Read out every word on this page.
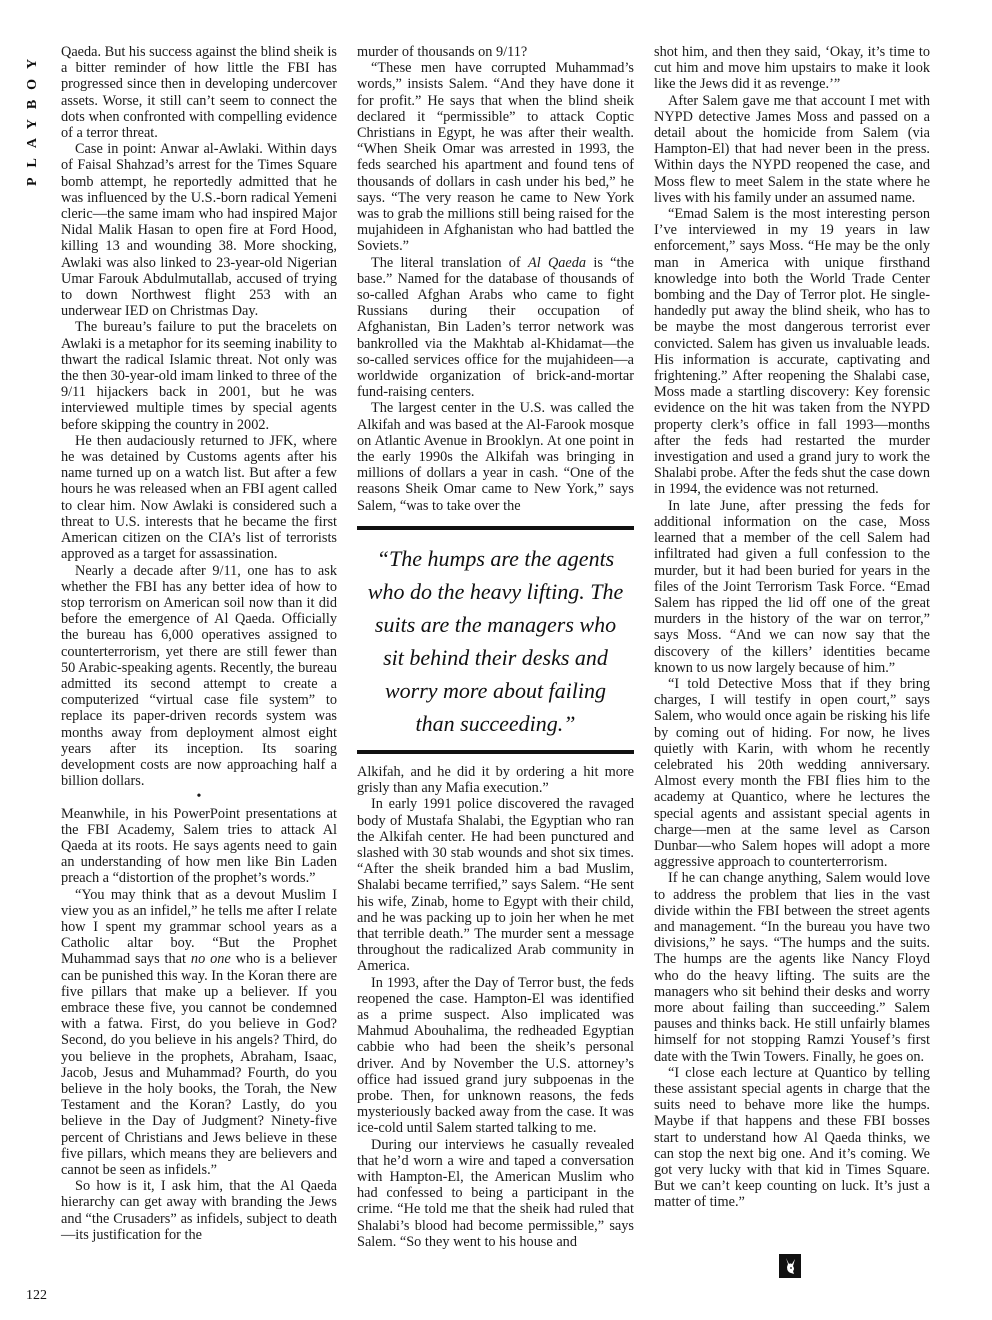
PLAYBOY Qaeda. But his success against the blind sheik is a bitter reminder of how little the FBI has progressed since then in developing undercover assets. Worse, it still can’t seem to connect the dots when confronted with compelling evidence of a terror threat.

Case in point: Anwar al-Awlaki. Within days of Faisal Shahzad’s arrest for the Times Square bomb attempt, he reportedly admitted that he was influenced by the U.S.-born radical Yemeni cleric—the same imam who had inspired Major Nidal Malik Hasan to open fire at Ford Hood, killing 13 and wounding 38. More shocking, Awlaki was also linked to 23-year-old Nigerian Umar Farouk Abdulmutallab, accused of trying to down Northwest flight 253 with an underwear IED on Christmas Day.

The bureau’s failure to put the bracelets on Awlaki is a metaphor for its seeming inability to thwart the radical Islamic threat. Not only was the then 30-year-old imam linked to three of the 9/11 hijackers back in 2001, but he was interviewed multiple times by special agents before skipping the country in 2002.

He then audaciously returned to JFK, where he was detained by Customs agents after his name turned up on a watch list. But after a few hours he was released when an FBI agent called to clear him. Now Awlaki is considered such a threat to U.S. interests that he became the first American citizen on the CIA’s list of terrorists approved as a target for assassination.

Nearly a decade after 9/11, one has to ask whether the FBI has any better idea of how to stop terrorism on American soil now than it did before the emergence of Al Qaeda. Officially the bureau has 6,000 operatives assigned to counterterrorism, yet there are still fewer than 50 Arabic-speaking agents. Recently, the bureau admitted its second attempt to create a computerized “virtual case file system” to replace its paper-driven records system was months away from deployment almost eight years after its inception. Its soaring development costs are now approaching half a billion dollars.

•

Meanwhile, in his PowerPoint presentations at the FBI Academy, Salem tries to attack Al Qaeda at its roots. He says agents need to gain an understanding of how men like Bin Laden preach a “distortion of the prophet’s words.”

“You may think that as a devout Muslim I view you as an infidel,” he tells me after I relate how I spent my grammar school years as a Catholic altar boy. “But the Prophet Muhammad says that no one who is a believer can be punished this way. In the Koran there are five pillars that make up a believer. If you embrace these five, you cannot be condemned with a fatwa. First, do you believe in God? Second, do you believe in his angels? Third, do you believe in the prophets, Abraham, Isaac, Jacob, Jesus and Muhammad? Fourth, do you believe in the holy books, the Torah, the New Testament and the Koran? Lastly, do you believe in the Day of Judgment? Ninety-five percent of Christians and Jews believe in these five pillars, which means they are believers and cannot be seen as infidels.”

So how is it, I ask him, that the Al Qaeda hierarchy can get away with branding the Jews and “the Crusaders” as infidels, subject to death—its justification for the

murder of thousands on 9/11?

“These men have corrupted Muhammad’s words,” insists Salem. “And they have done it for profit.” He says that when the blind sheik declared it “permissible” to attack Coptic Christians in Egypt, he was after their wealth. “When Sheik Omar was arrested in 1993, the feds searched his apartment and found tens of thousands of dollars in cash under his bed,” he says. “The very reason he came to New York was to grab the millions still being raised for the mujahideen in Afghanistan who had battled the Soviets.”

The literal translation of Al Qaeda is “the base.” Named for the database of thousands of so-called Afghan Arabs who came to fight Russians during their occupation of Afghanistan, Bin Laden’s terror network was bankrolled via the Makhtab al-Khidamat—the so-called services office for the mujahideen—a worldwide organization of brick-and-mortar fund-raising centers.

The largest center in the U.S. was called the Alkifah and was based at the Al-Farook mosque on Atlantic Avenue in Brooklyn. At one point in the early 1990s the Alkifah was bringing in millions of dollars a year in cash. “One of the reasons Sheik Omar came to New York,” says Salem, “was to take over the

“The humps are the agents who do the heavy lifting. The suits are the managers who sit behind their desks and worry more about failing than succeeding.”

Alkifah, and he did it by ordering a hit more grisly than any Mafia execution.”

In early 1991 police discovered the ravaged body of Mustafa Shalabi, the Egyptian who ran the Alkifah center. He had been punctured and slashed with 30 stab wounds and shot six times. “After the sheik branded him a bad Muslim, Shalabi became terrified,” says Salem. “He sent his wife, Zinab, home to Egypt with their child, and he was packing up to join her when he met that terrible death.” The murder sent a message throughout the radicalized Arab community in America.

In 1993, after the Day of Terror bust, the feds reopened the case. Hampton-El was identified as a prime suspect. Also implicated was Mahmud Abouhalima, the redheaded Egyptian cabbie who had been the sheik’s personal driver. And by November the U.S. attorney’s office had issued grand jury subpoenas in the probe. Then, for unknown reasons, the feds mysteriously backed away from the case. It was ice-cold until Salem started talking to me.

During our interviews he casually revealed that he’d worn a wire and taped a conversation with Hampton-El, the American Muslim who had confessed to being a participant in the crime. “He told me that the sheik had ruled that Shalabi’s blood had become permissible,” says Salem. “So they went to his house and

shot him, and then they said, ‘Okay, it’s time to cut him and move him upstairs to make it look like the Jews did it as revenge.’”

After Salem gave me that account I met with NYPD detective James Moss and passed on a detail about the homicide from Salem (via Hampton-El) that had never been in the press. Within days the NYPD reopened the case, and Moss flew to meet Salem in the state where he lives with his family under an assumed name.

“Emad Salem is the most interesting person I’ve interviewed in my 19 years in law enforcement,” says Moss. “He may be the only man in America with unique firsthand knowledge into both the World Trade Center bombing and the Day of Terror plot. He single-handedly put away the blind sheik, who has to be maybe the most dangerous terrorist ever convicted. Salem has given us invaluable leads. His information is accurate, captivating and frightening.” After reopening the Shalabi case, Moss made a startling discovery: Key forensic evidence on the hit was taken from the NYPD property clerk’s office in fall 1993—months after the feds had restarted the murder investigation and used a grand jury to work the Shalabi probe. After the feds shut the case down in 1994, the evidence was not returned.

In late June, after pressing the feds for additional information on the case, Moss learned that a member of the cell Salem had infiltrated had given a full confession to the murder, but it had been buried for years in the files of the Joint Terrorism Task Force. “Emad Salem has ripped the lid off one of the great murders in the history of the war on terror,” says Moss. “And we can now say that the discovery of the killers’ identities became known to us now largely because of him.”

“I told Detective Moss that if they bring charges, I will testify in open court,” says Salem, who would once again be risking his life by coming out of hiding. For now, he lives quietly with Karin, with whom he recently celebrated his 20th wedding anniversary. Almost every month the FBI flies him to the academy at Quantico, where he lectures the special agents and assistant special agents in charge—men at the same level as Carson Dunbar—who Salem hopes will adopt a more aggressive approach to counterterrorism.

If he can change anything, Salem would love to address the problem that lies in the vast divide within the FBI between the street agents and management. “In the bureau you have two divisions,” he says. “The humps and the suits. The humps are the agents like Nancy Floyd who do the heavy lifting. The suits are the managers who sit behind their desks and worry more about failing than succeeding.” Salem pauses and thinks back. He still unfairly blames himself for not stopping Ramzi Yousef’s first date with the Twin Towers. Finally, he goes on.

“I close each lecture at Quantico by telling these assistant special agents in charge that the suits need to behave more like the humps. Maybe if that happens and these FBI bosses start to understand how Al Qaeda thinks, we can stop the next big one. And it’s coming. We got very lucky with that kid in Times Square. But we can’t keep counting on luck. It’s just a matter of time.”

122
